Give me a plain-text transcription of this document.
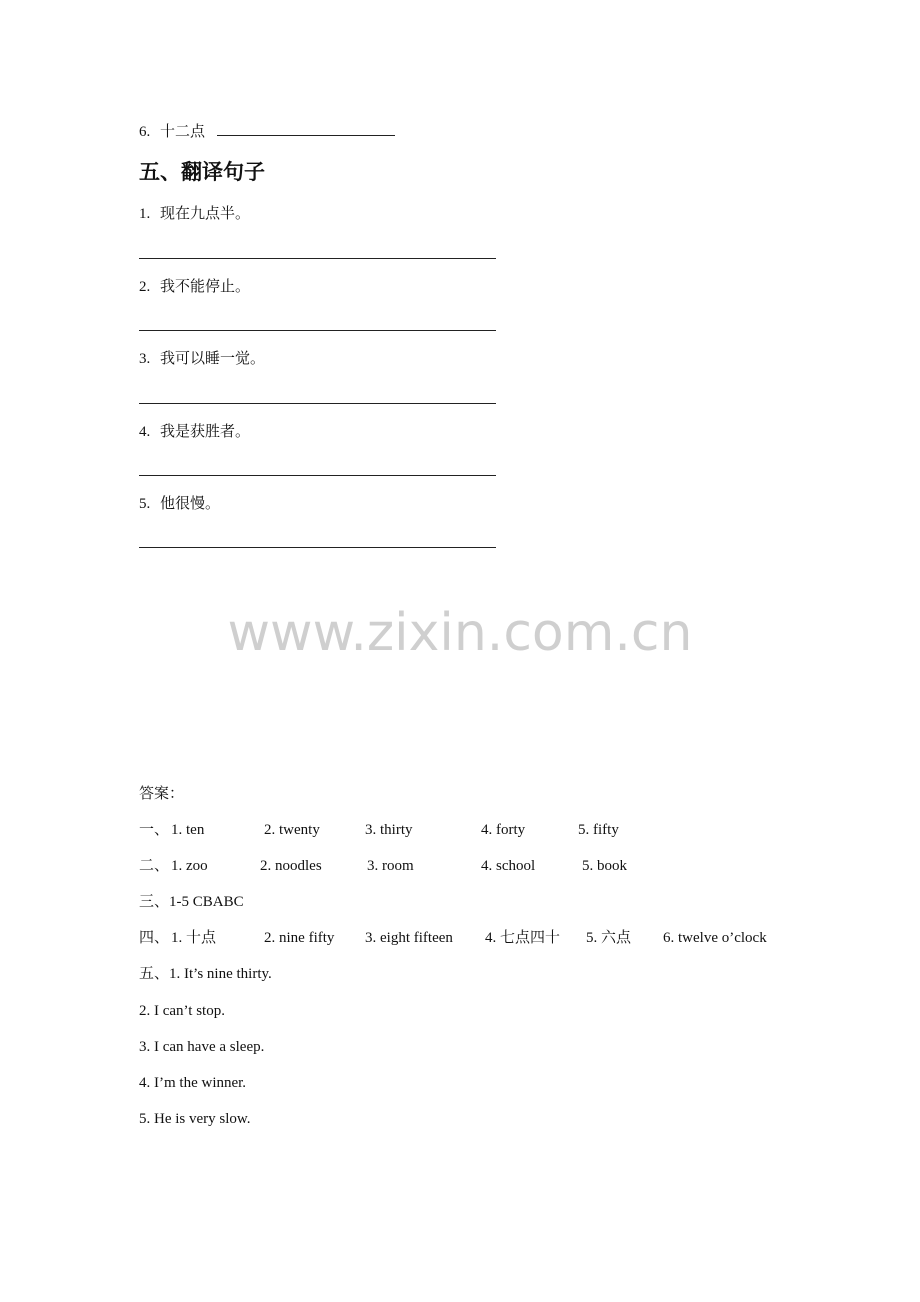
6. 十二点
五、翻译句子
1. 现在九点半。
2. 我不能停止。
3. 我可以睡一觉。
4. 我是获胜者。
5. 他很慢。
www.zixin.com.cn
答案：
一、 1. ten	2. twenty	3. thirty	4. forty	5. fifty
二、 1. zoo	2. noodles	3. room	4. school	5. book
三、1-5 CBABC
四、 1. 十点	2. nine fifty 3. eight fifteen 4. 七点四十 5. 六点 6. twelve o’clock
五、1. It’s nine thirty.
2. I can’t stop.
3. I can have a sleep.
4. I’m the winner.
5. He is very slow.
